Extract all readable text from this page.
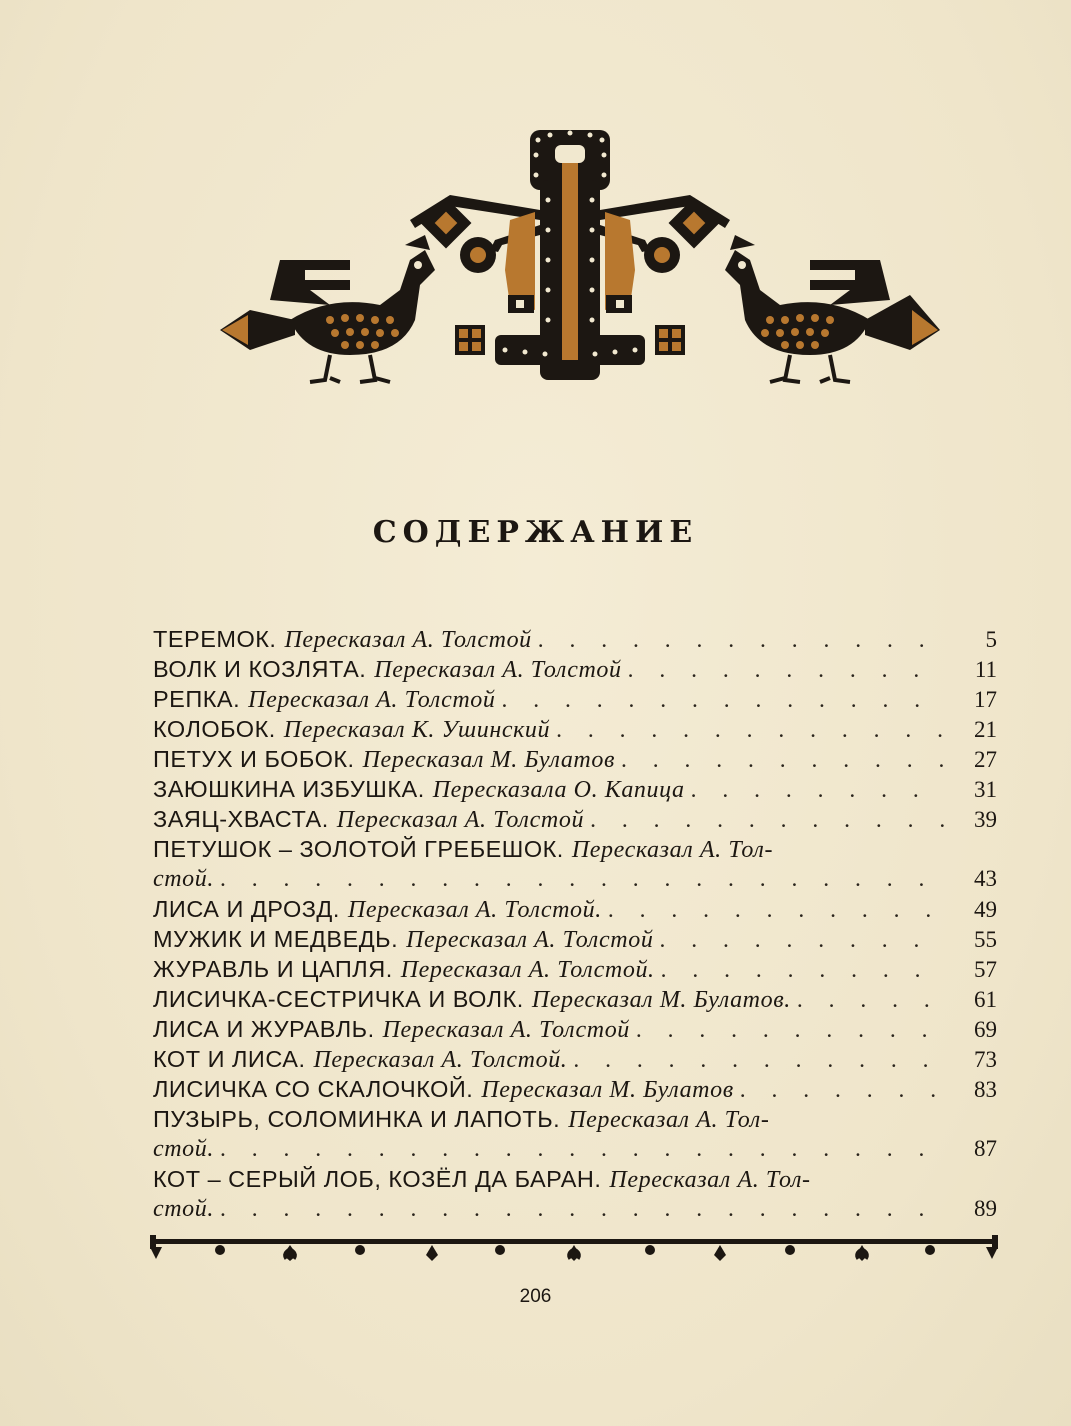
СОДЕРЖАНИЕ
ТЕРЕМОК. Пересказал А. Толстой . . .	5
ВОЛК И КОЗЛЯТА. Пересказал А. Толстой . . .	11
РЕПКА. Пересказал А. Толстой . . .	17
КОЛОБОК. Пересказал К. Ушинский . . .	21
ПЕТУХ И БОБОК. Пересказал М. Булатов . . .	27
ЗАЮШКИНА ИЗБУШКА. Пересказала О. Капица . . .	31
ЗАЯЦ-ХВАСТА. Пересказал А. Толстой . . .	39
ПЕТУШОК – ЗОЛОТОЙ ГРЕБЕШОК. Пересказал А. Тол-
стой. . . .	43
ЛИСА И ДРОЗД. Пересказал А. Толстой. . . .	49
МУЖИК И МЕДВЕДЬ. Пересказал А. Толстой . . .	55
ЖУРАВЛЬ И ЦАПЛЯ. Пересказал А. Толстой. . . .	57
ЛИСИЧКА-СЕСТРИЧКА И ВОЛК. Пересказал М. Булатов. . . .	61
ЛИСА И ЖУРАВЛЬ. Пересказал А. Толстой . . .	69
КОТ И ЛИСА. Пересказал А. Толстой. . . .	73
ЛИСИЧКА СО СКАЛОЧКОЙ. Пересказал М. Булатов . . .	83
ПУЗЫРЬ, СОЛОМИНКА И ЛАПОТЬ. Пересказал А. Тол-
стой. . . .	87
КОТ – СЕРЫЙ ЛОБ, КОЗЁЛ ДА БАРАН. Пересказал А. Тол-
стой. . . .	89
206
